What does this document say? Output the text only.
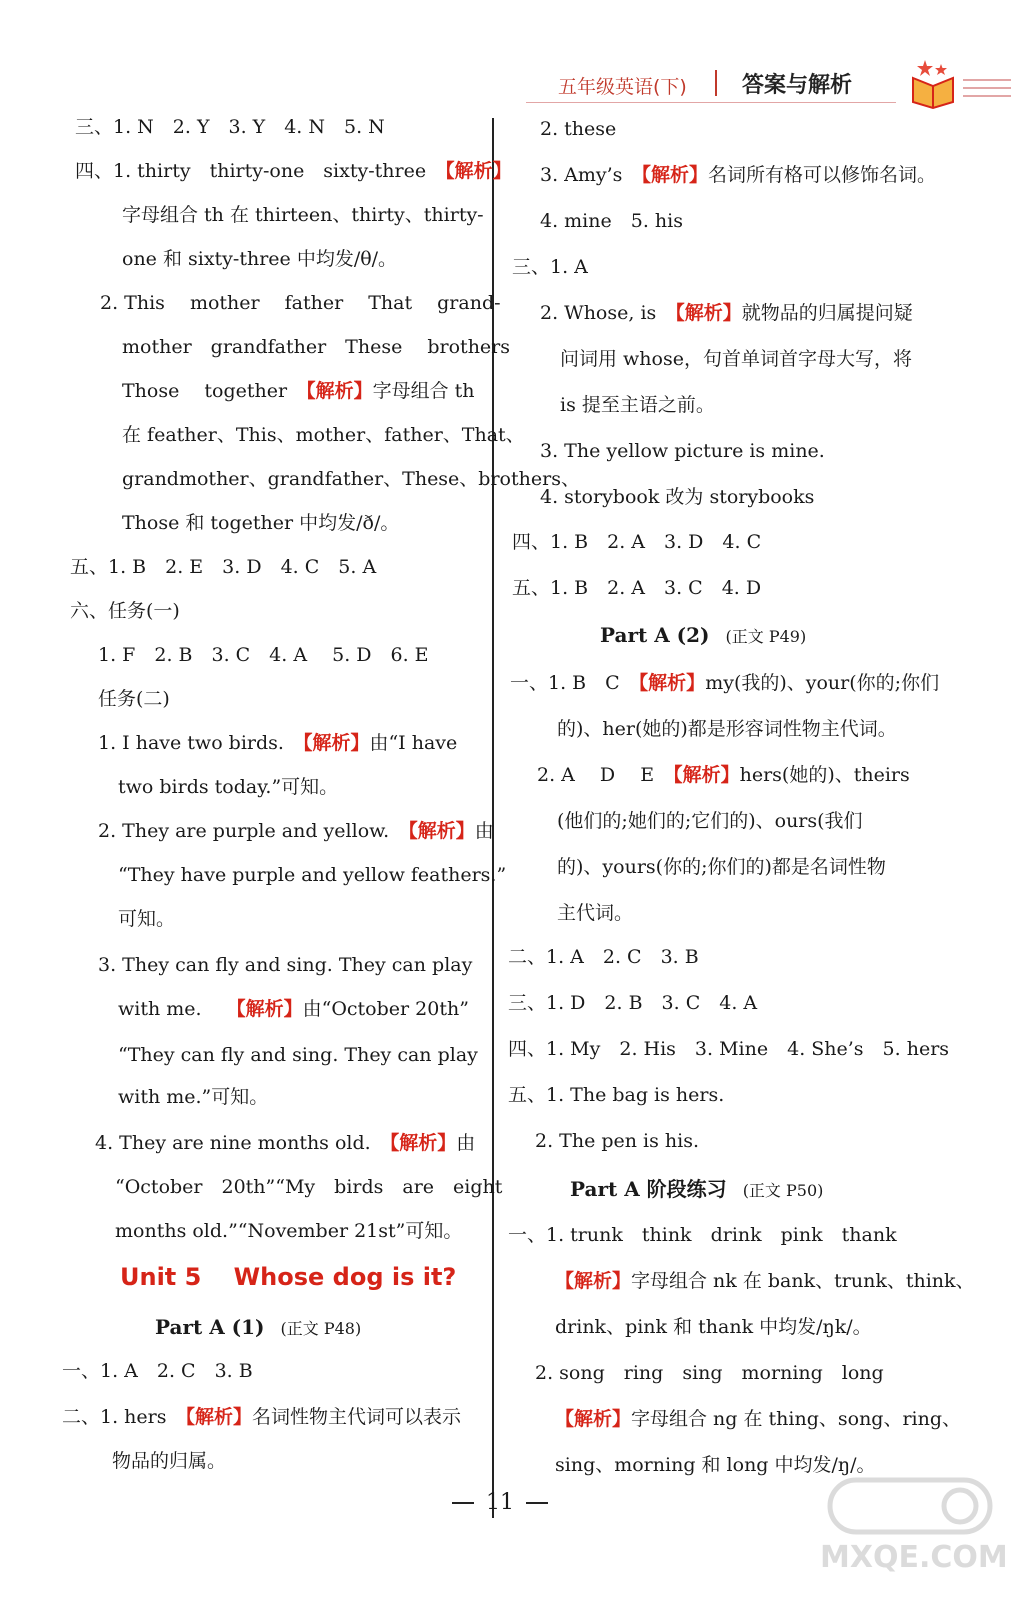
五年级英语(下)	答案与解析
三、1. N　2. Y　3. Y　4. N　5. N
四、1. thirty　thirty-one　sixty-three　【解析】
字母组合 th 在 thirteen、thirty、thirty-
one 和 sixty-three 中均发/θ/。
2. This　 mother　 father　 That　 grand-
mother　grandfather　These　 brothers
Those　 together　【解析】字母组合 th
在 feather、This、mother、father、That、
grandmother、grandfather、These、brothers、
Those 和 together 中均发/ð/。
五、1. B　2. E　3. D　4. C　5. A
六、任务(一)
1. F　2. B　3. C　4. A　 5. D　6. E
任务(二)
1. I have two birds.　【解析】由“I have
two birds today.”可知。
2. They are purple and yellow.　【解析】由
“They have purple and yellow feathers.”
可知。
3. They can fly and sing. They can play
with me.　 【解析】由“October 20th”
“They can fly and sing. They can play
with me.”可知。
4. They are nine months old.　【解析】由
“October　20th”“My　birds　are　eight
months old.”“November 21st”可知。
Unit 5　 Whose dog is it?
Part A (1) (正文 P48)
一、1. A　2. C　3. B
二、1. hers　【解析】名词性物主代词可以表示
物品的归属。
2. these
3. Amy’s　【解析】名词所有格可以修饰名词。
4. mine　5. his
三、1. A
2. Whose, is　【解析】就物品的归属提问疑
问词用 whose，句首单词首字母大写，将
is 提至主语之前。
3. The yellow picture is mine.
4. storybook 改为 storybooks
四、1. B　2. A　3. D　4. C
五、1. B　2. A　3. C　4. D
Part A (2) (正文 P49)
一、1. B　C　【解析】my(我的)、your(你的;你们
的)、her(她的)都是形容词性物主代词。
2. A　 D　 E　【解析】hers(她的)、theirs
(他们的;她们的;它们的)、ours(我们
的)、yours(你的;你们的)都是名词性物
主代词。
二、1. A　2. C　3. B
三、1. D　2. B　3. C　4. A
四、1. My　2. His　3. Mine　4. She’s　5. hers
五、1. The bag is hers.
2. The pen is his.
Part A 阶段练习 (正文 P50)
一、1. trunk　think　drink　pink　thank
【解析】字母组合 nk 在 bank、trunk、think、
drink、pink 和 thank 中均发/ŋk/。
2. song　ring　sing　morning　long
【解析】字母组合 ng 在 thing、song、ring、
sing、morning 和 long 中均发/ŋ/。
11
MXQE.COM
